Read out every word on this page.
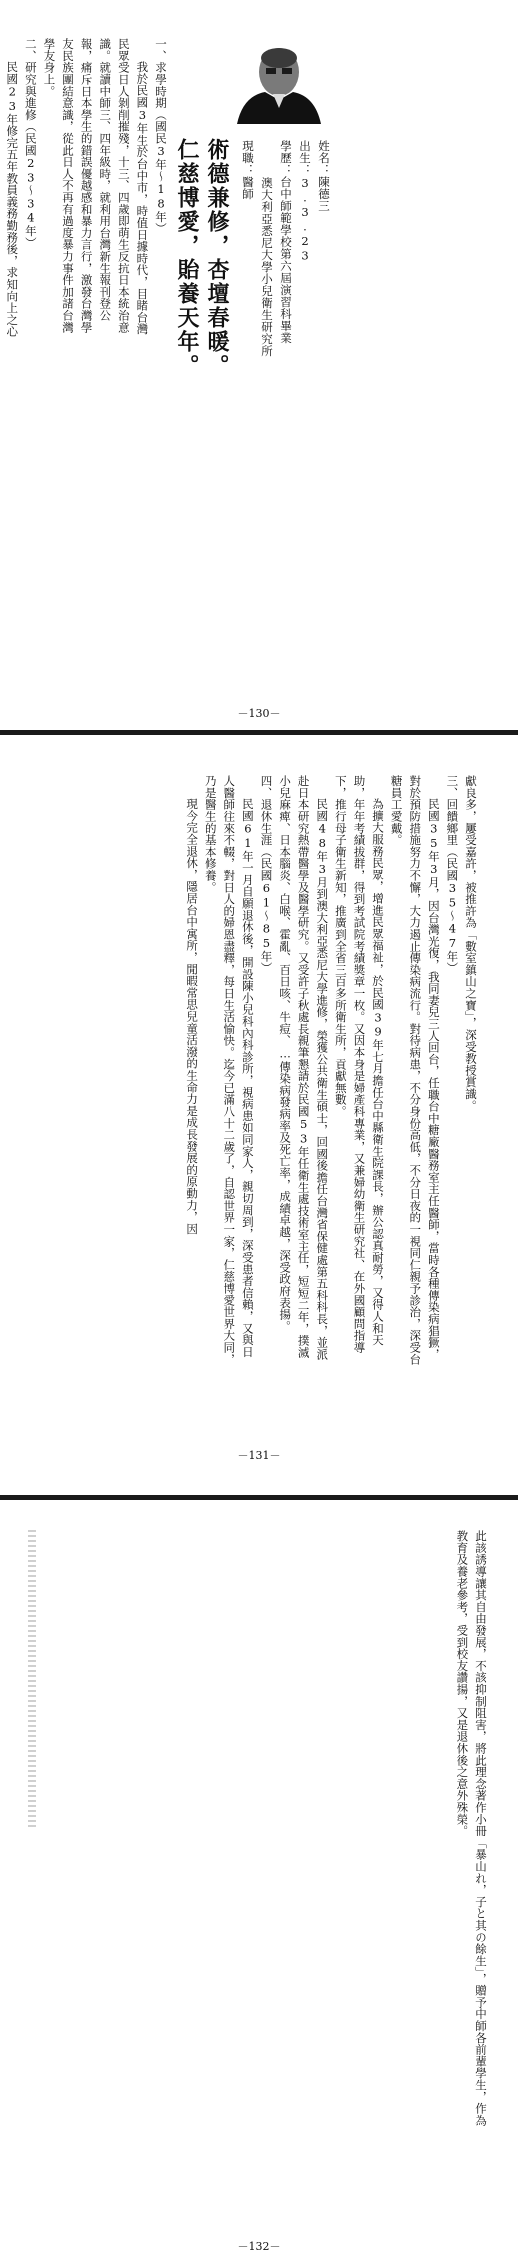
姓名：陳德三
出生：3.3.23
學歷：台中師範學校第六屆演習科畢業
澳大利亞悉尼大學小兒衛生研究所
現職：醫師
術德兼修，杏壇春暖。
仁慈博愛，貽養天年。

一、求學時期（國民3年～18年）

我於民國3年生於台中市，時值日據時代，目睹台灣民眾受日人剝削摧殘，十三、四歲即萌生反抗日本統治意識。就讀中師三、四年級時，就利用台灣新生報刊登公報，痛斥日本學生的錯誤優越感和暴力言行，激發台灣學友民族團結意識，從此日人不再有過度暴力事件加諸台灣學友身上。

二、研究與進修（民國23～34年）

民國23年修完五年教員義務勤務後，求知向上之心

－130－

獻良多，屢受嘉許，被推許為「數室鎮山之寶」，深受教授賞識。

三、回饋鄉里（民國35～47年）

民國35年3月，因台灣光復，我同妻兒三人回台，任職台中糖廠醫務室主任醫師，當時各種傳染病猖獗，對於預防措施努力不懈，大力遏止傳染病流行。對待病患，不分身份高低，不分日夜的一視同仁親予診治，深受台糖員工愛戴。

為擴大服務民眾，增進民眾福祉，於民國39年七月擔任台中縣衛生院課長，辦公認真耐勞，又得人和天助，年年考績拔群，得到考試院考績獎章一枚。又因本身是婦產科專業，又兼婦幼衛生研究社、在外國顧問指導下，推行母子衛生新知，推廣到全省三百多所衛生所，貢獻無數。

民國48年3月到澳大利亞悉尼大學進修，榮獲公共衛生碩士，回國後擔任台灣省保健處第五科科長，並派赴日本研究熱帶醫學及醫學研究。又受許子秋處長親筆懇請於民國53年任衛生處技術室主任，短短二年，撲滅小兒麻痺、日本腦炎、白喉、霍亂、百日咳、牛痘、…傳染病發病率及死亡率，成績卓越，深受政府表揚。

四、退休生涯（民國61～85年）

民國61年一月自願退休後，開設陳小兒科內科診所，視病患如同家人，親切周到，深受患者信賴，又與日人醫師往來不輟，對日人的婦恩盡釋，每日生活愉快。迄今已滿八十二歲了，自認世界一家，仁慈博愛世界大同，乃是醫生的基本修養。

現今完全退休，隱居台中寓所，閒暇常思兒童活潑的生命力是成長發展的原動力，因

－131－

此該誘導讓其自由發展，不該抑制阻害，將此理念著作小冊「暴山れ，子と其の餘生」，贈予中師各前輩學生，作為教育及養老參考，受到校友讚揚，又是退休後之意外殊榮。

－132－
